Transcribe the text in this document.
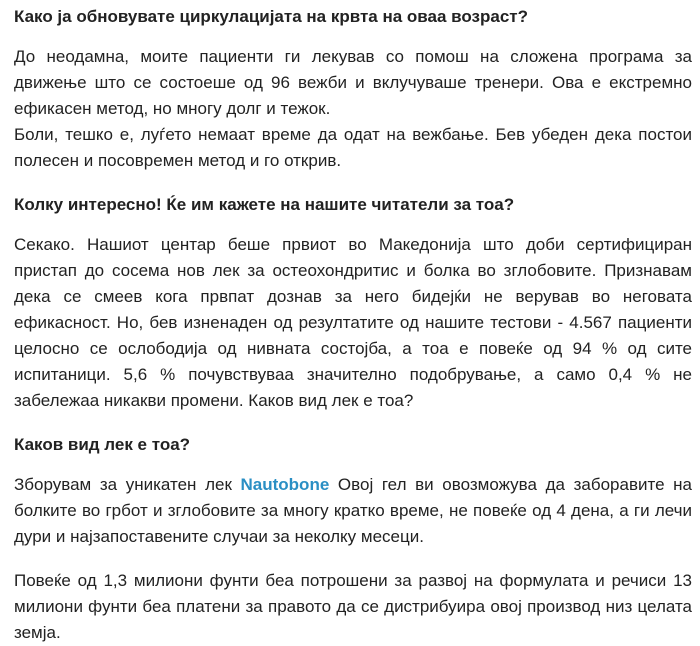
Како ја обновувате циркулацијата на крвта на оваа возраст?

До неодамна, моите пациенти ги лекував со помош на сложена програма за движење што се состоеше од 96 вежби и вклучуваше тренери. Ова е екстремно ефикасен метод, но многу долг и тежок.

Боли, тешко е, луѓето немаат време да одат на вежбање. Бев убеден дека постои полесен и посовремен метод и го открив.

Колку интересно! Ќе им кажете на нашите читатели за тоа?

Секако. Нашиот центар беше првиот во Македонија што доби сертифициран пристап до сосема нов лек за остеохондритис и болка во зглобовите. Признавам дека се смеев кога првпат дознав за него бидејќи не верував во неговата ефикасност. Но, бев изненаден од резултатите од нашите тестови - 4.567 пациенти целосно се ослободија од нивната состојба, а тоа е повеќе од 94 % од сите испитаници. 5,6 % почувствуваа значително подобрување, а само 0,4 % не забележаа никакви промени. Каков вид лек е тоа?

Каков вид лек е тоа?

Зборувам за уникатен лек Nautobone Овој гел ви овозможува да заборавите на болките во грбот и зглобовите за многу кратко време, не повеќе од 4 дена, а ги лечи дури и најзапоставените случаи за неколку месеци.

Повеќе од 1,3 милиони фунти беа потрошени за развој на формулата и речиси 13 милиони фунти беа платени за правото да се дистрибуира овој производ низ целата земја.
